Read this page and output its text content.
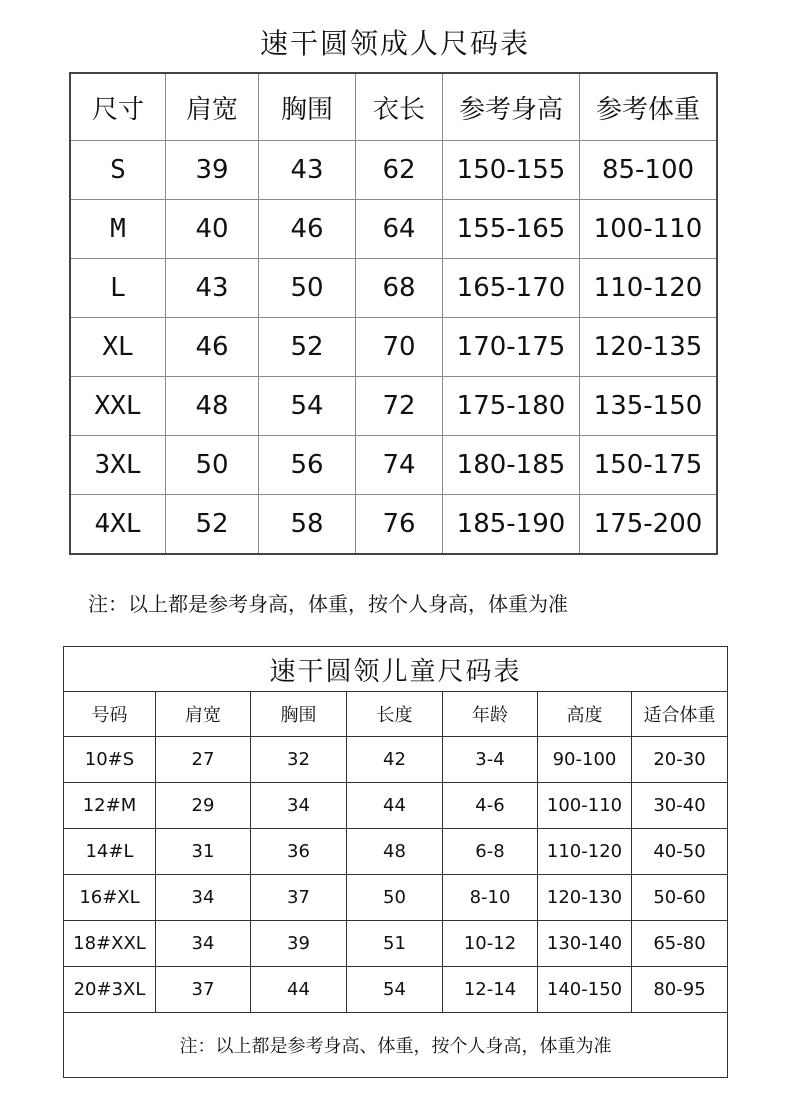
速干圆领成人尺码表
尺寸	肩宽	胸围	衣长	参考身高	参考体重
S	39	43	62	150-155	85-100
M	40	46	64	155-165	100-110
L	43	50	68	165-170	110-120
XL	46	52	70	170-175	120-135
XXL	48	54	72	175-180	135-150
3XL	50	56	74	180-185	150-175
4XL	52	58	76	185-190	175-200
注：以上都是参考身高，体重，按个人身高，体重为准
速干圆领儿童尺码表						
号码	肩宽	胸围	长度	年龄	高度	适合体重
10#S	27	32	42	3-4	90-100	20-30
12#M	29	34	44	4-6	100-110	30-40
14#L	31	36	48	6-8	110-120	40-50
16#XL	34	37	50	8-10	120-130	50-60
18#XXL	34	39	51	10-12	130-140	65-80
20#3XL	37	44	54	12-14	140-150	80-95
注：以上都是参考身高、体重，按个人身高，体重为准						
